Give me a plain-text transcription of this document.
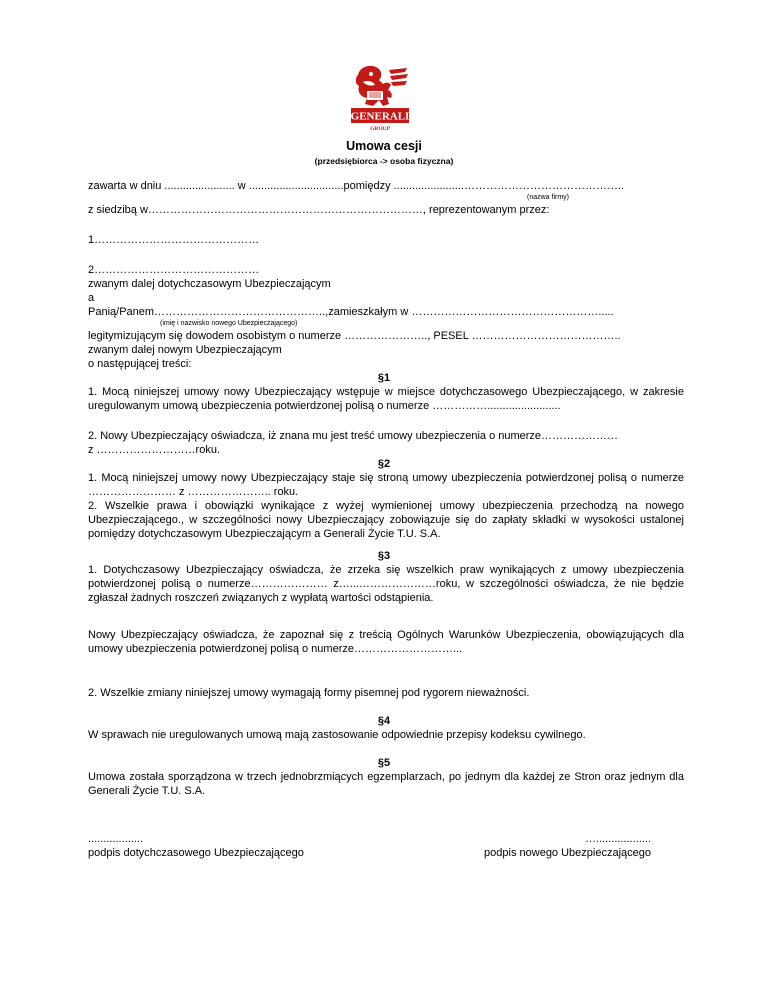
GENERALI
GROUP
Umowa cesji
(przedsiębiorca -> osoba fizyczna)
zawarta w dniu ....................... w ...............................pomiędzy .......................……………………………………..
(nazwa firmy)
z siedzibą w…………………………………………………………………, reprezentowanym przez:
1………………………………………
2………………………………………
zwanym dalej dotychczasowym Ubezpieczającym
a
Panią/Panem………………………………………..,zamieszkałym w …………………………………………….....
(imię i nazwisko nowego Ubezpieczającego)
legitymizującym się dowodem osobistym o numerze ………………….., PESEL …………………………………..
zwanym dalej nowym Ubezpieczającym
o następującej treści:
§1
1. Mocą niniejszej umowy nowy Ubezpieczający wstępuje w miejsce dotychczasowego Ubezpieczającego, w zakresie uregulowanym umową ubezpieczenia potwierdzonej polisą o numerze ……………........................
2. Nowy Ubezpieczający oświadcza, iż znana mu jest treść umowy ubezpieczenia o numerze…………………
z ………………………roku.
§2
1. Mocą niniejszej umowy nowy Ubezpieczający staje się stroną umowy ubezpieczenia potwierdzonej polisą o numerze …………………… z ………………….. roku.
2. Wszelkie prawa i obowiązki wynikające z wyżej wymienionej umowy ubezpieczenia przechodzą na nowego Ubezpieczającego., w szczególności nowy Ubezpieczający zobowiązuje się do zapłaty składki w wysokości ustalonej pomiędzy dotychczasowym Ubezpieczającym a Generali Życie T.U. S.A.
§3
1. Dotychczasowy Ubezpieczający oświadcza, że zrzeka się wszelkich praw wynikających z umowy ubezpieczenia potwierdzonej polisą o numerze………………… z…...…………………roku, w szczególności oświadcza, że nie będzie zgłaszał żadnych roszczeń związanych z wypłatą wartości odstąpienia.
Nowy Ubezpieczający oświadcza, że zapoznał się z treścią Ogólnych Warunków Ubezpieczenia, obowiązujących dla umowy ubezpieczenia potwierdzonej polisą o numerze………………………...
2. Wszelkie zmiany niniejszej umowy wymagają formy pisemnej pod rygorem nieważności.
§4
W sprawach nie uregulowanych umową mają zastosowanie odpowiednie przepisy kodeksu cywilnego.
§5
Umowa została sporządzona w trzech jednobrzmiących egzemplarzach, po jednym dla każdej ze Stron oraz jednym dla Generali Życie T.U. S.A.
..................
podpis dotychczasowego Ubezpieczającego
…..................
podpis nowego Ubezpieczającego
